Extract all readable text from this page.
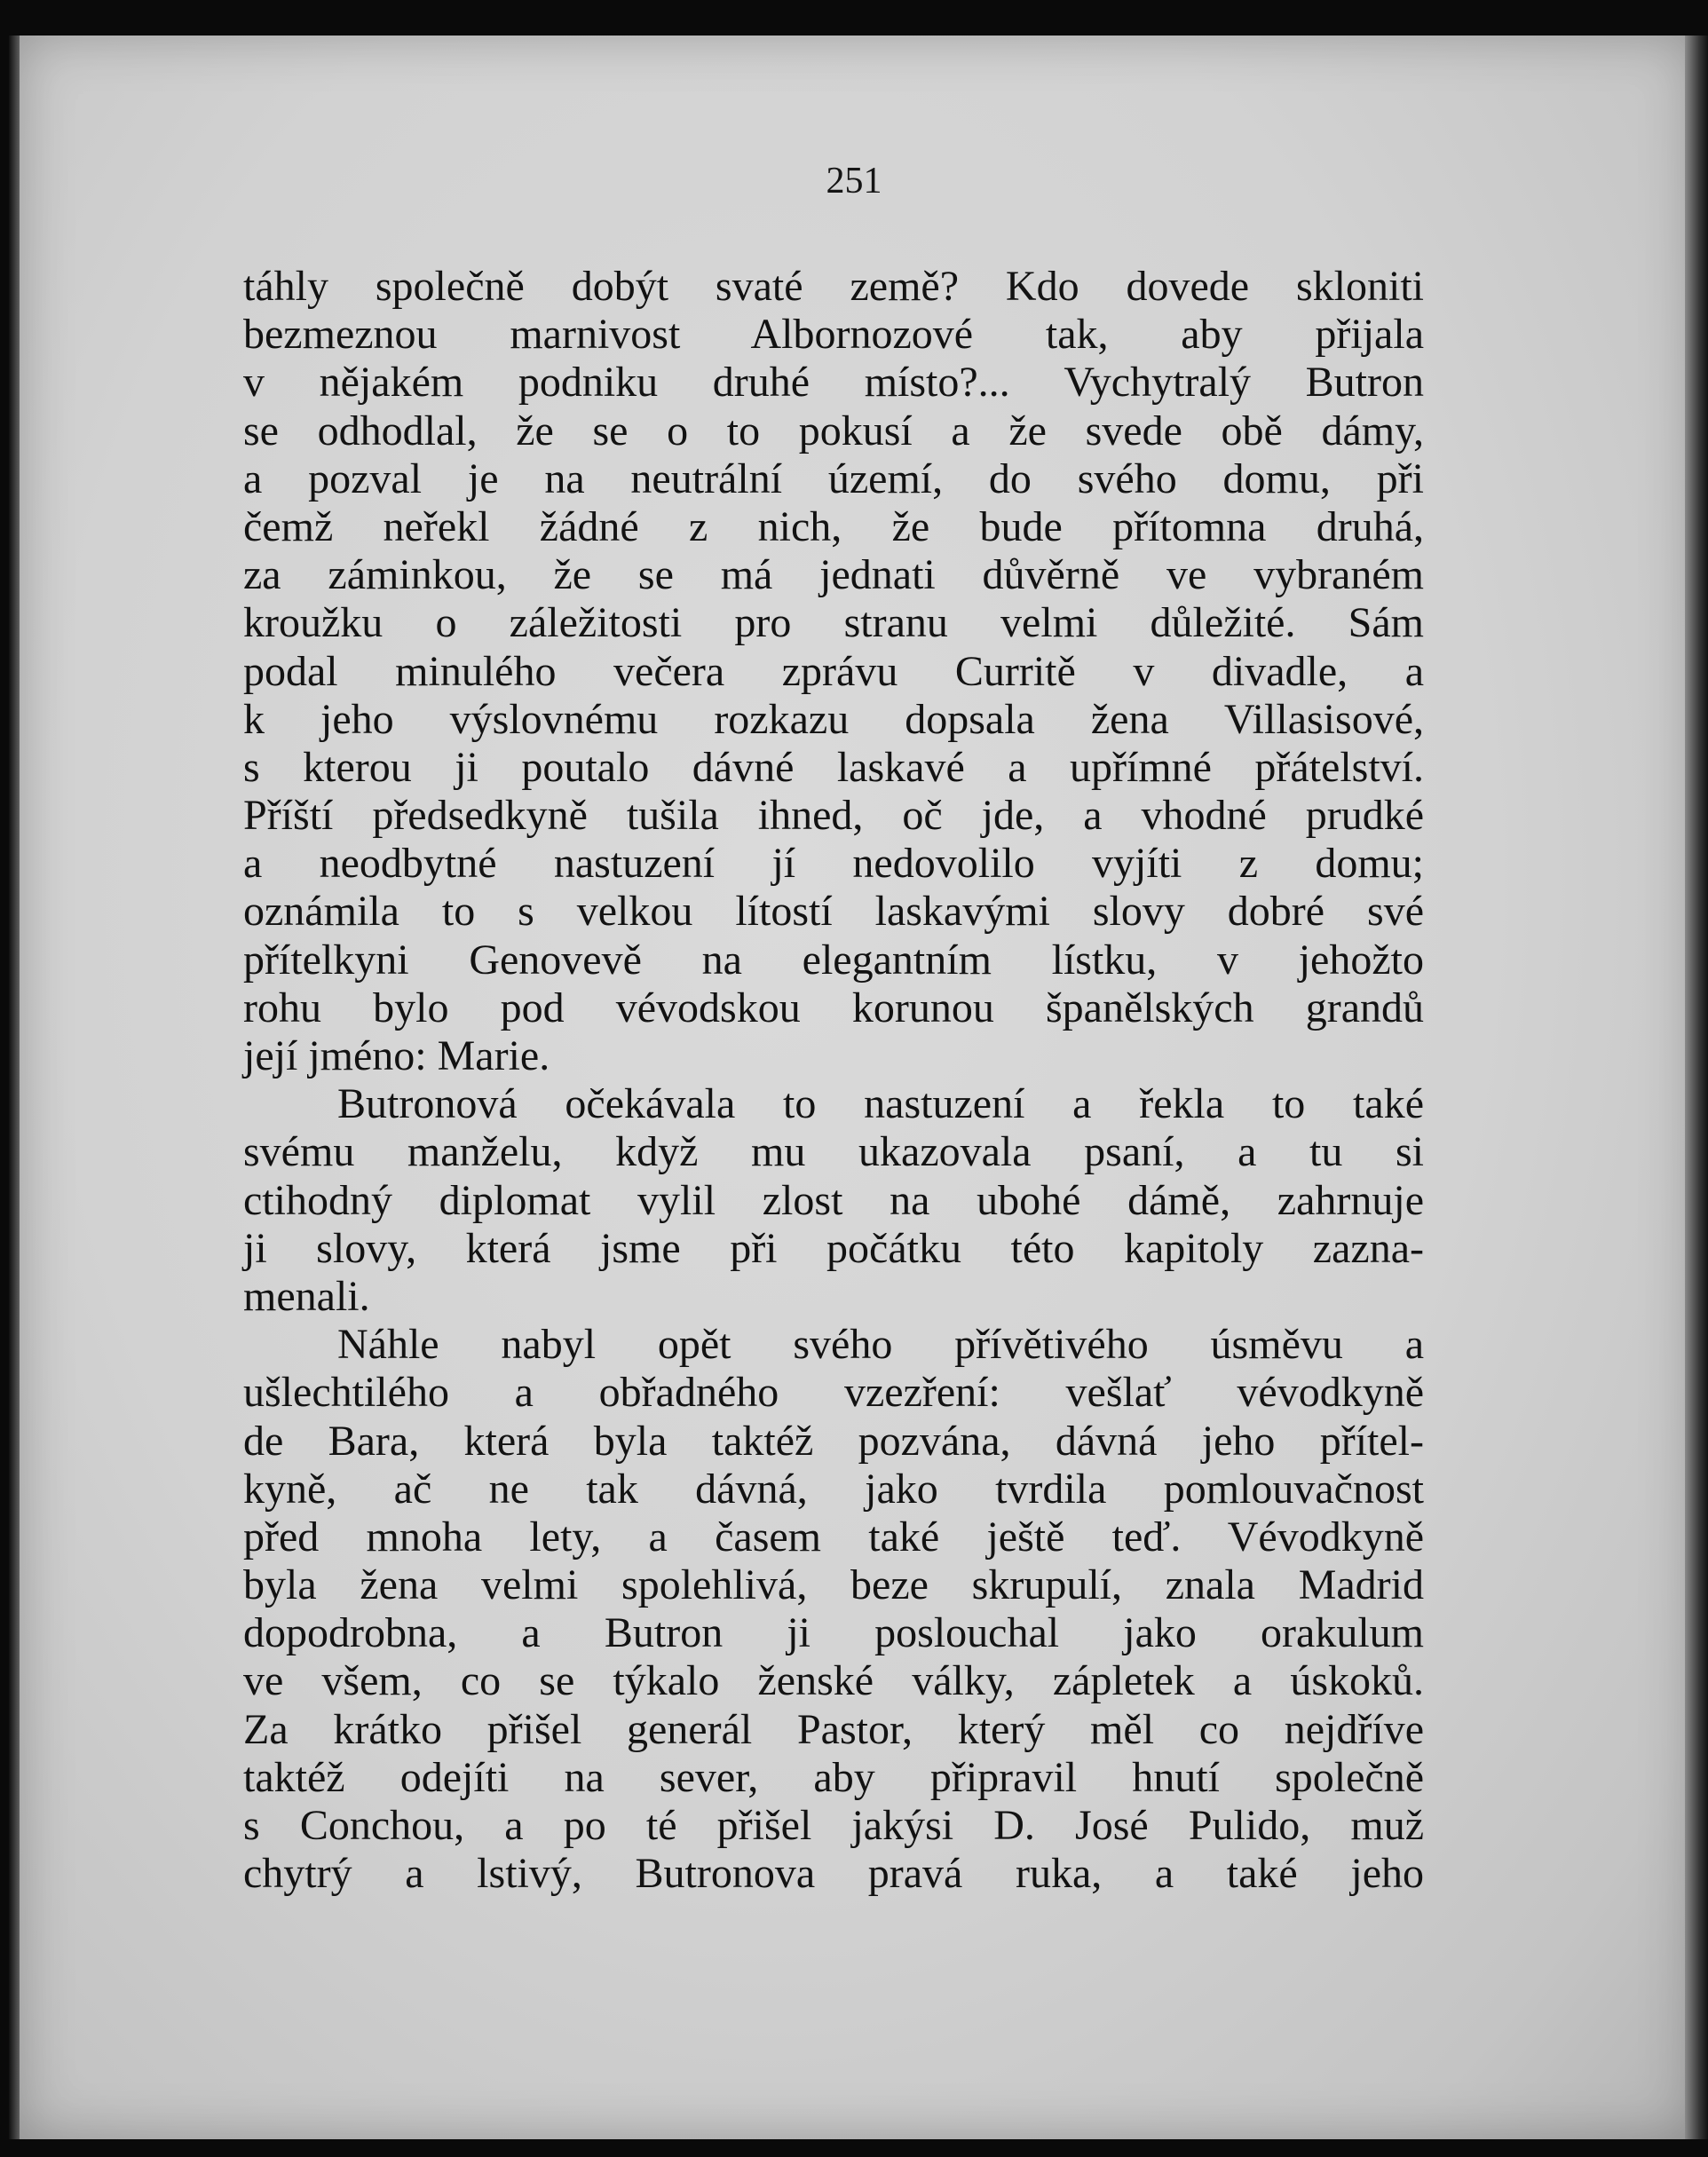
251
táhly společně dobýt svaté země? Kdo dovede skloniti
bezmeznou marnivost Albornozové tak, aby přijala
v nějakém podniku druhé místo?... Vychytralý Butron
se odhodlal, že se o to pokusí a že svede obě dámy,
a pozval je na neutrální území, do svého domu, při
čemž neřekl žádné z nich, že bude přítomna druhá,
za záminkou, že se má jednati důvěrně ve vybraném
kroužku o záležitosti pro stranu velmi důležité. Sám
podal minulého večera zprávu Curritě v divadle, a
k jeho výslovnému rozkazu dopsala žena Villasisové,
s kterou ji poutalo dávné laskavé a upřímné přátelství.
Příští předsedkyně tušila ihned, oč jde, a vhodné prudké
a neodbytné nastuzení jí nedovolilo vyjíti z domu;
oznámila to s velkou lítostí laskavými slovy dobré své
přítelkyni Genovevě na elegantním lístku, v jehožto
rohu bylo pod vévodskou korunou španělských grandů
její jméno: Marie.
Butronová očekávala to nastuzení a řekla to také
svému manželu, když mu ukazovala psaní, a tu si
ctihodný diplomat vylil zlost na ubohé dámě, zahrnuje
ji slovy, která jsme při počátku této kapitoly zazna-
menali.
Náhle nabyl opět svého přívětivého úsměvu a
ušlechtilého a obřadného vzezření: vešlať vévodkyně
de Bara, která byla taktéž pozvána, dávná jeho přítel-
kyně, ač ne tak dávná, jako tvrdila pomlouvačnost
před mnoha lety, a časem také ještě teď. Vévodkyně
byla žena velmi spolehlivá, beze skrupulí, znala Madrid
dopodrobna, a Butron ji poslouchal jako orakulum
ve všem, co se týkalo ženské války, zápletek a úskoků.
Za krátko přišel generál Pastor, který měl co nejdříve
taktéž odejíti na sever, aby připravil hnutí společně
s Conchou, a po té přišel jakýsi D. José Pulido, muž
chytrý a lstivý, Butronova pravá ruka, a také jeho
